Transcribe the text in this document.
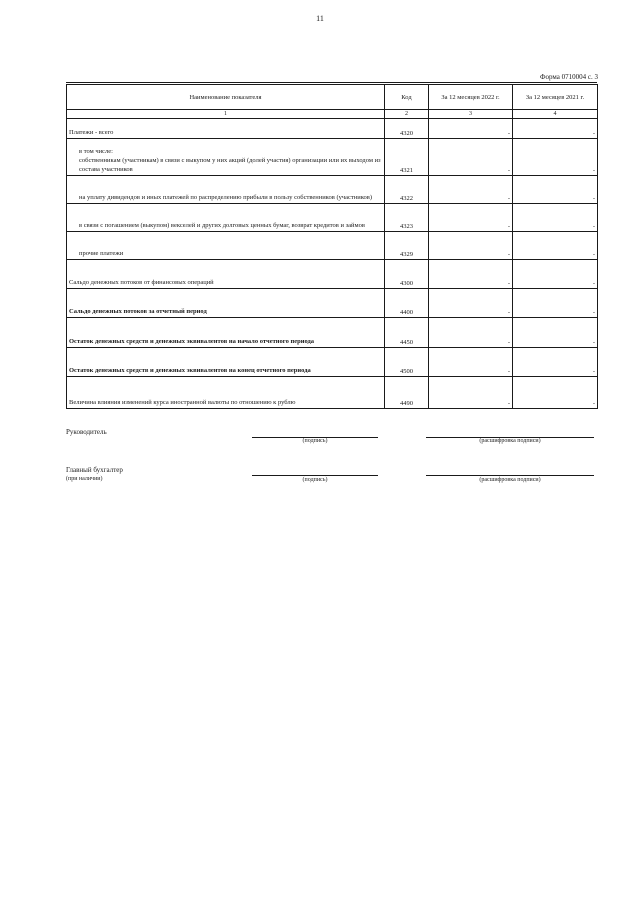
11
Форма 0710004 с. 3
Наименование показателя	Код	За 12 месяцев 2022 г.	За 12 месяцев 2021 г.
1	2	3	4
Платежи - всего	4320	-	-

в том числе:
собственникам (участникам) в связи с выкупом у них акций (долей участия) организации или их выходом из состава участников	4321	-	-
на уплату дивидендов и иных платежей по распределению прибыли в пользу собственников (участников)	4322	-	-
в связи с погашением (выкупом) векселей и других долговых ценных бумаг, возврат кредитов и займов	4323	-	-
прочие платежи	4329	-	-
Сальдо денежных потоков от финансовых операций	4300	-	-
Сальдо денежных потоков за отчетный период	4400	-	-
Остаток денежных средств и денежных эквивалентов на начало отчетного периода	4450	-	-
Остаток денежных средств и денежных эквивалентов на конец отчетного периода	4500	-	-
Величина влияния изменений курса иностранной валюты по отношению к рублю	4490	-	-
Руководитель
(подпись)	(расшифровка подписи)
Главный бухгалтер
(при наличии)	(подпись)	(расшифровка подписи)
